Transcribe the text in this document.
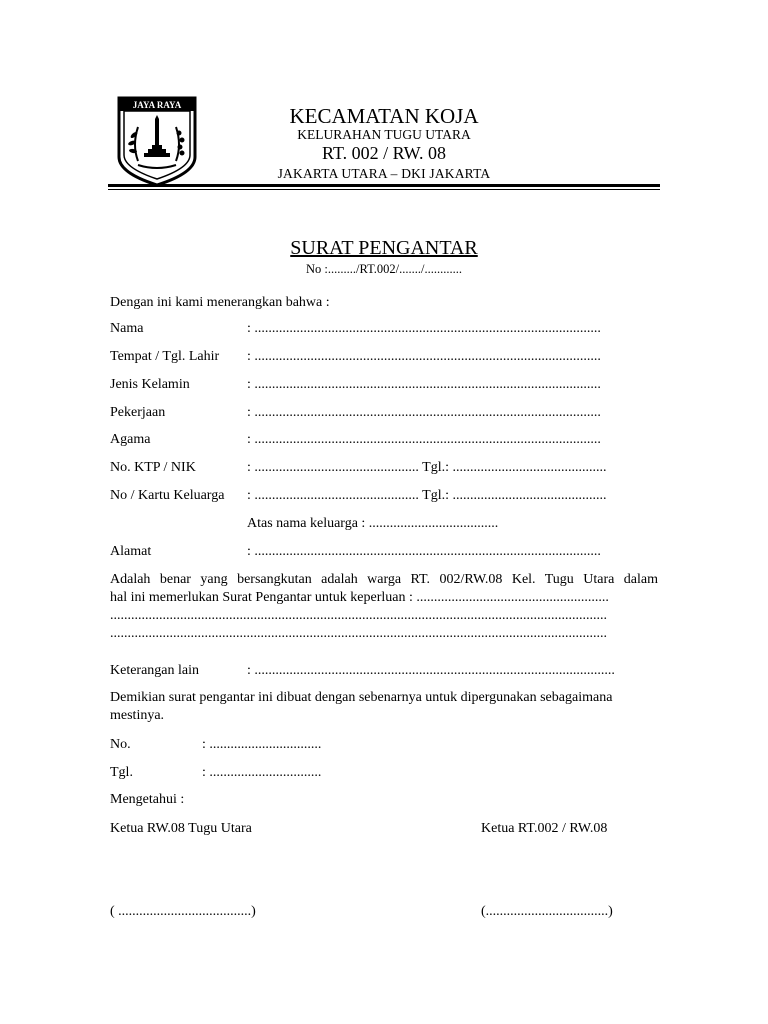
JAYA RAYA	KECAMATAN KOJA
KELURAHAN TUGU UTARA
RT. 002 / RW. 08
JAKARTA UTARA – DKI JAKARTA
SURAT PENGANTAR
No :........./RT.002/......./............
Dengan ini kami menerangkan bahwa :
Nama	: ...................................................................................................
Tempat / Tgl. Lahir : ...................................................................................................
Jenis Kelamin	: ...................................................................................................
Pekerjaan	: ...................................................................................................
Agama	: ...................................................................................................
No. KTP / NIK	: ............................................... Tgl.: ............................................
No / Kartu Keluarga : ............................................... Tgl.: ............................................
Atas nama keluarga : .....................................
Alamat	: ...................................................................................................
Adalah benar yang bersangkutan adalah warga RT. 002/RW.08 Kel. Tugu Utara dalam
hal ini memerlukan Surat Pengantar untuk keperluan : .......................................................
..............................................................................................................................................
..............................................................................................................................................
Keterangan lain	: .......................................................................................................
Demikian surat pengantar ini dibuat dengan sebenarnya untuk dipergunakan sebagaimana
mestinya.
No.	: ................................
Tgl.	: ................................
Mengetahui :
Ketua RW.08 Tugu Utara	Ketua RT.002 / RW.08
( ......................................)	(...................................)
